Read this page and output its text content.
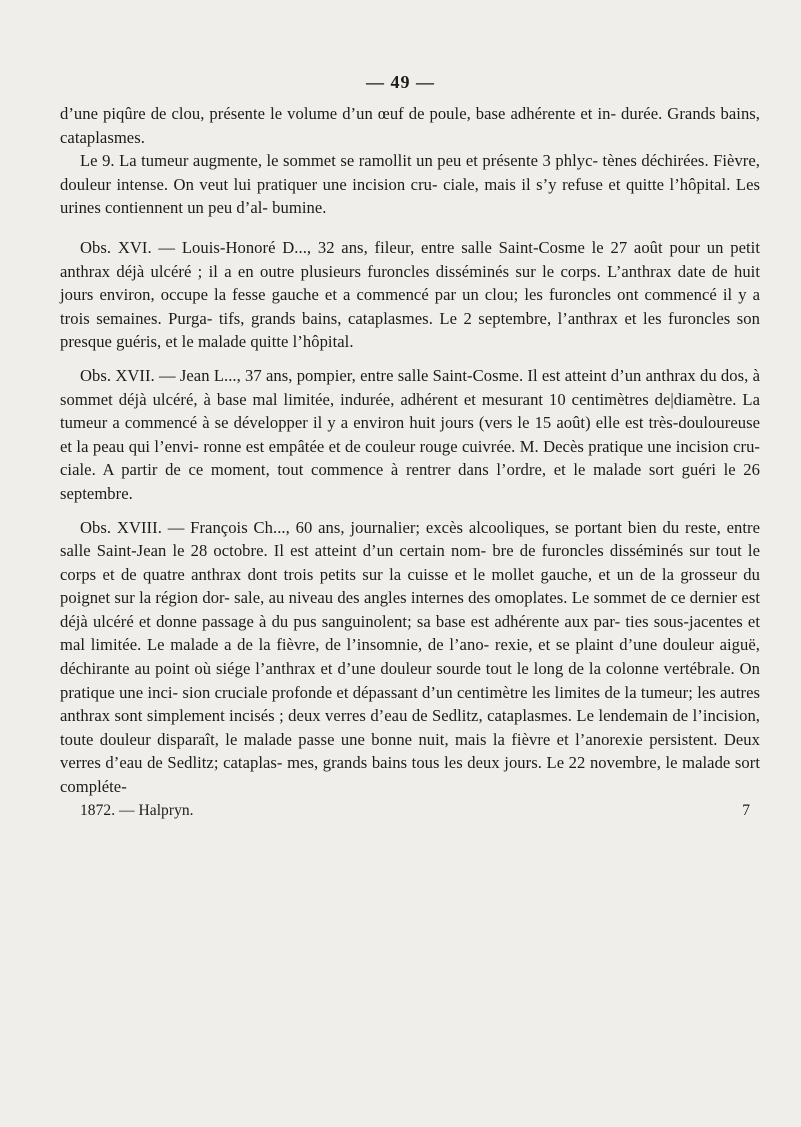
— 49 —

d’une piqûre de clou, présente le volume d’un œuf de poule, base adhérente et in- durée. Grands bains, cataplasmes.

Le 9. La tumeur augmente, le sommet se ramollit un peu et présente 3 phlyc- tènes déchirées. Fièvre, douleur intense. On veut lui pratiquer une incision cru- ciale, mais il s’y refuse et quitte l’hôpital. Les urines contiennent un peu d’al- bumine.

Obs. XVI. — Louis-Honoré D..., 32 ans, fileur, entre salle Saint-Cosme le 27 août pour un petit anthrax déjà ulcéré ; il a en outre plusieurs furoncles disséminés sur le corps. L’anthrax date de huit jours environ, occupe la fesse gauche et a commencé par un clou; les furoncles ont commencé il y a trois semaines. Purga- tifs, grands bains, cataplasmes. Le 2 septembre, l’anthrax et les furoncles son presque guéris, et le malade quitte l’hôpital.

Obs. XVII. — Jean L..., 37 ans, pompier, entre salle Saint-Cosme. Il est atteint d’un anthrax du dos, à sommet déjà ulcéré, à base mal limitée, indurée, adhérent et mesurant 10 centimètres de|diamètre. La tumeur a commencé à se développer il y a environ huit jours (vers le 15 août) elle est très-douloureuse et la peau qui l’envi- ronne est empâtée et de couleur rouge cuivrée. M. Decès pratique une incision cru- ciale. A partir de ce moment, tout commence à rentrer dans l’ordre, et le malade sort guéri le 26 septembre.

Obs. XVIII. — François Ch..., 60 ans, journalier; excès alcooliques, se portant bien du reste, entre salle Saint-Jean le 28 octobre. Il est atteint d’un certain nom- bre de furoncles disséminés sur tout le corps et de quatre anthrax dont trois petits sur la cuisse et le mollet gauche, et un de la grosseur du poignet sur la région dor- sale, au niveau des angles internes des omoplates. Le sommet de ce dernier est déjà ulcéré et donne passage à du pus sanguinolent; sa base est adhérente aux par- ties sous-jacentes et mal limitée. Le malade a de la fièvre, de l’insomnie, de l’ano- rexie, et se plaint d’une douleur aiguë, déchirante au point où siége l’anthrax et d’une douleur sourde tout le long de la colonne vertébrale. On pratique une inci- sion cruciale profonde et dépassant d’un centimètre les limites de la tumeur; les autres anthrax sont simplement incisés ; deux verres d’eau de Sedlitz, cataplasmes. Le lendemain de l’incision, toute douleur disparaît, le malade passe une bonne nuit, mais la fièvre et l’anorexie persistent. Deux verres d’eau de Sedlitz; cataplas- mes, grands bains tous les deux jours. Le 22 novembre, le malade sort compléte-

1872. — Halpryn.	7
